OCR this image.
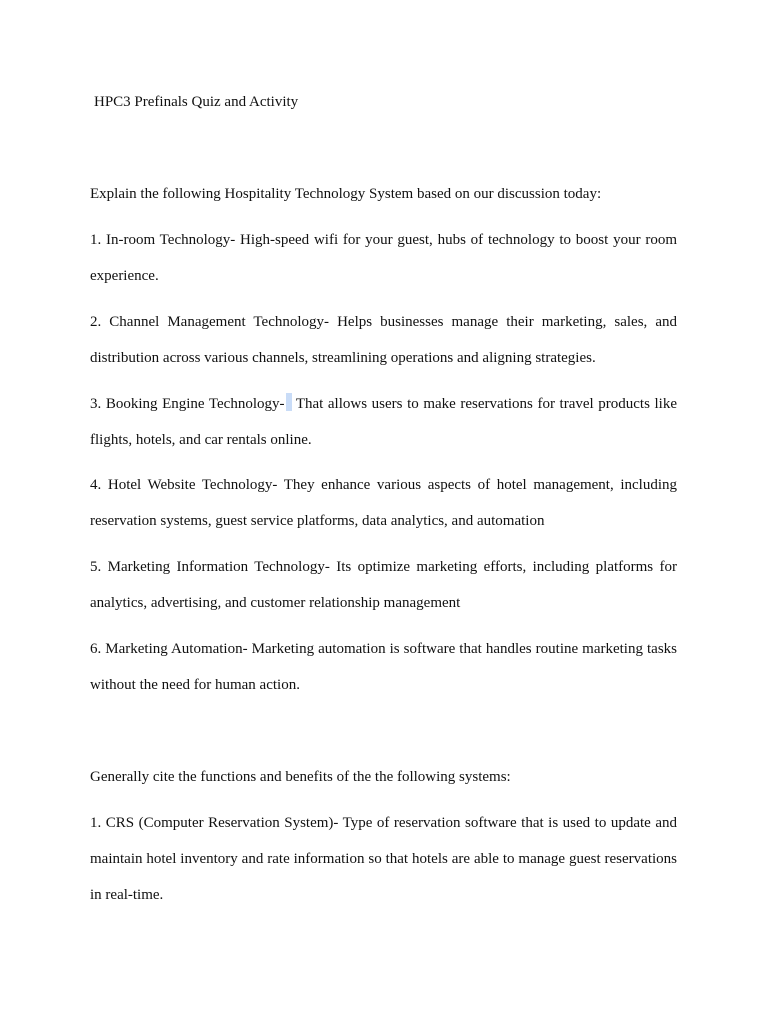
HPC3 Prefinals Quiz and Activity

Explain the following Hospitality Technology System based on our discussion today:

1. In-room Technology- High-speed wifi for your guest, hubs of technology to boost your room experience.

2. Channel Management Technology- Helps businesses manage their marketing, sales, and distribution across various channels, streamlining operations and aligning strategies.

3. Booking Engine Technology- That allows users to make reservations for travel products like flights, hotels, and car rentals online.

4. Hotel Website Technology- They enhance various aspects of hotel management, including reservation systems, guest service platforms, data analytics, and automation

5. Marketing Information Technology- Its optimize marketing efforts, including platforms for analytics, advertising, and customer relationship management

6. Marketing Automation- Marketing automation is software that handles routine marketing tasks without the need for human action.

Generally cite the functions and benefits of the the following systems:

1. CRS (Computer Reservation System)- Type of reservation software that is used to update and maintain hotel inventory and rate information so that hotels are able to manage guest reservations in real-time.
